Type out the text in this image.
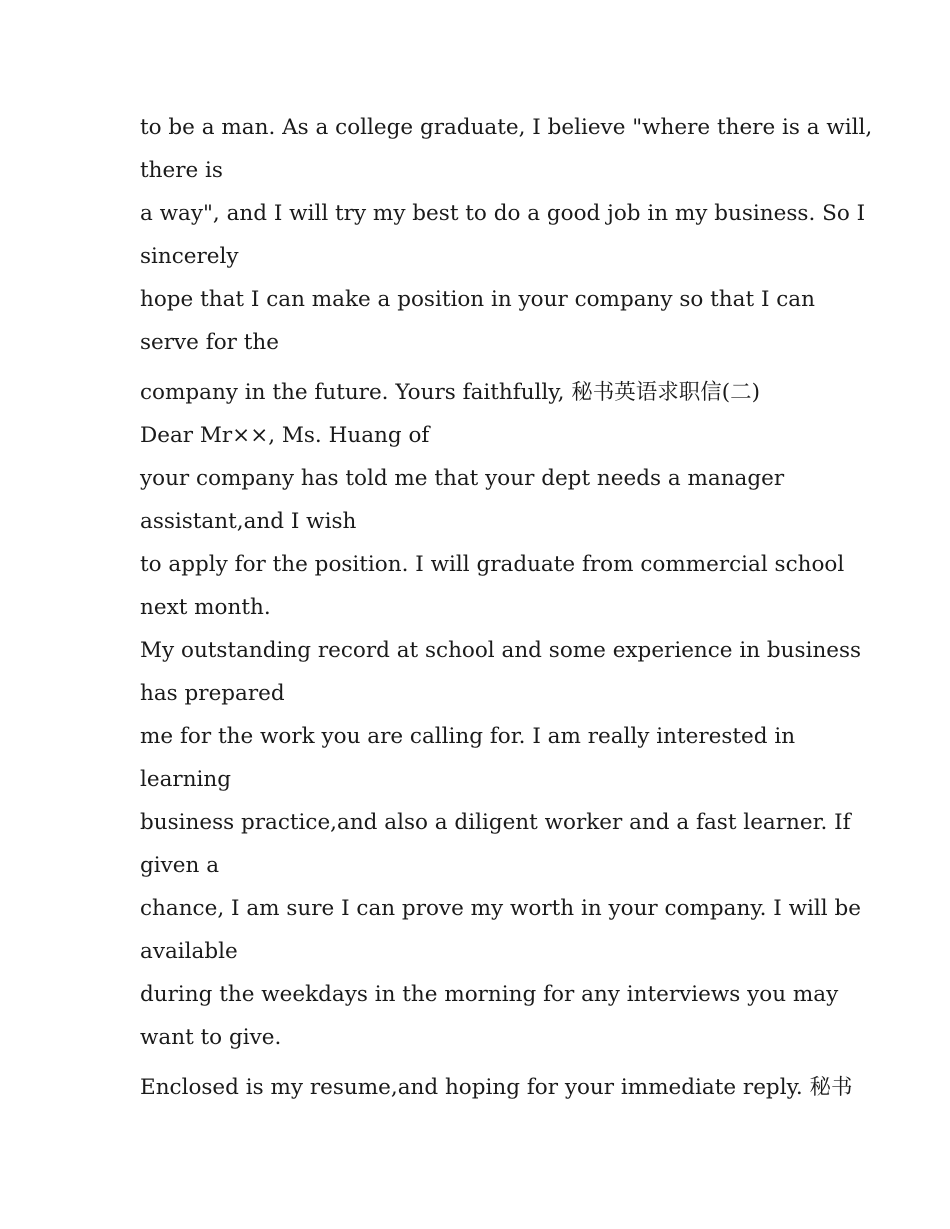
to be a man. As a college graduate, I believe "where there is a will,
there is
a way", and I will try my best to do a good job in my business. So I
sincerely
hope that I can make a position in your company so that I can
serve for the
company in the future. Yours faithfully, 秘书英语求职信(二)
Dear Mr××, Ms. Huang of
your company has told me that your dept needs a manager
assistant,and I wish
to apply for the position. I will graduate from commercial school
next month.
My outstanding record at school and some experience in business
has prepared
me for the work you are calling for. I am really interested in
learning
business practice,and also a diligent worker and a fast learner. If
given a
chance, I am sure I can prove my worth in your company. I will be
available
during the weekdays in the morning for any interviews you may
want to give.
Enclosed is my resume,and hoping for your immediate reply. 秘书
